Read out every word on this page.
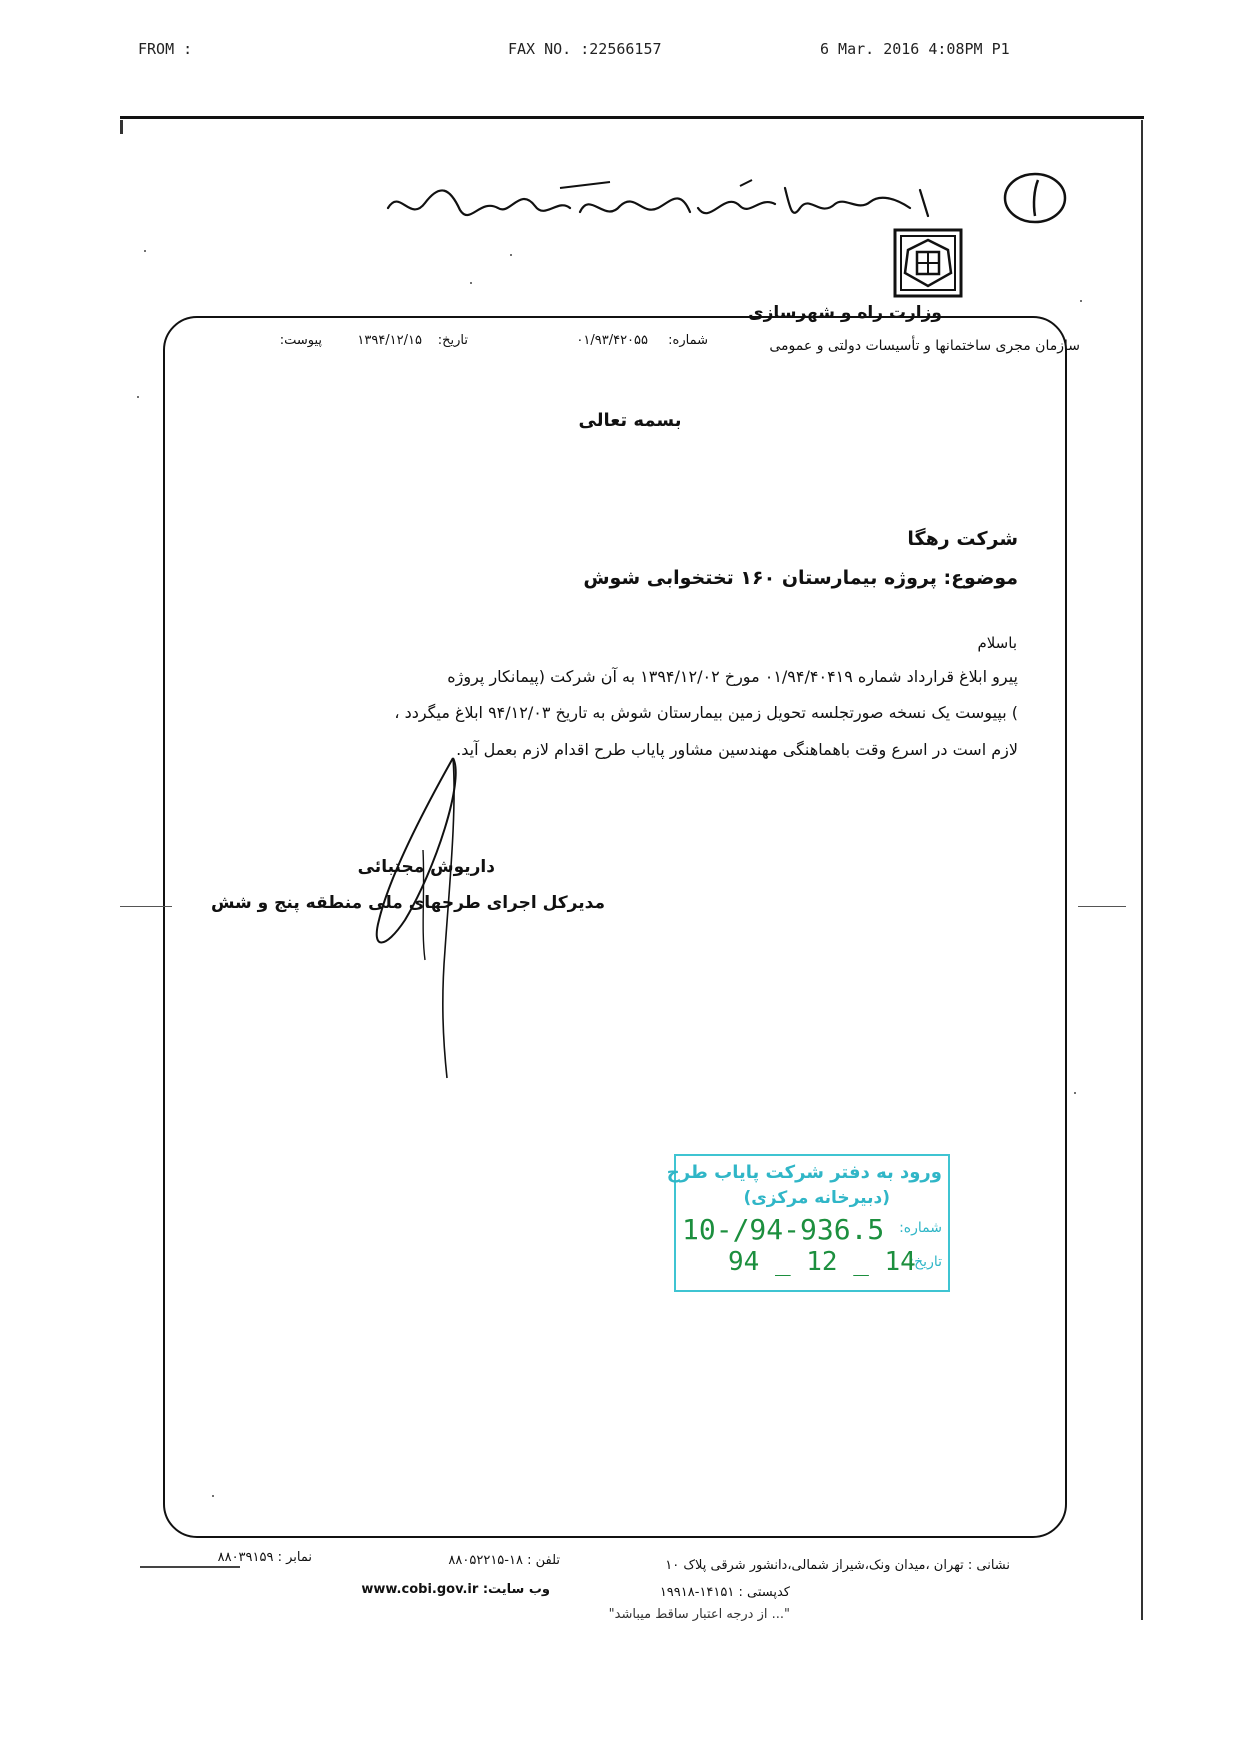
FROM :	FAX NO. :22566157	6 Mar. 2016 4:08PM P1
وزارت راه و شهرسازی
سازمان مجری ساختمانها و تأسیسات دولتی و عمومی
شماره:
۰۱/۹۳/۴۲۰۵۵
تاریخ:
۱۳۹۴/۱۲/۱۵
پیوست:
بسمه تعالی
شرکت رهگا
موضوع: پروژه بیمارستان ۱۶۰ تختخوابی شوش
باسلام
پیرو ابلاغ قرارداد شماره ۰۱/۹۴/۴۰۴۱۹ مورخ ۱۳۹۴/۱۲/۰۲ به آن شرکت (پیمانکار پروژه
) بپیوست یک نسخه صورتجلسه تحویل زمین بیمارستان شوش به تاریخ ۹۴/۱۲/۰۳ ابلاغ میگردد ،
لازم است در اسرع وقت باهماهنگی مهندسین مشاور پایاب طرح اقدام لازم بعمل آید.
داریوش مجتبائی
مدیرکل اجرای طرحهای ملی منطقه پنج و شش
ورود به دفتر شرکت پایاب طرح
(دبیرخانه مرکزی)
شماره:
10-/94-936.5
تاریخ:
94 _ 12 _ 14
نشانی : تهران ،میدان ونک،شیراز شمالی،دانشور شرقی پلاک ۱۰
تلفن : ۱۸-۸۸۰۵۲۲۱۵
نمابر : ۸۸۰۳۹۱۵۹
کدپستی : ۱۴۱۵۱-۱۹۹۱۸
وب سایت: www.cobi.gov.ir
"... از درجه اعتبار ساقط میباشد"
